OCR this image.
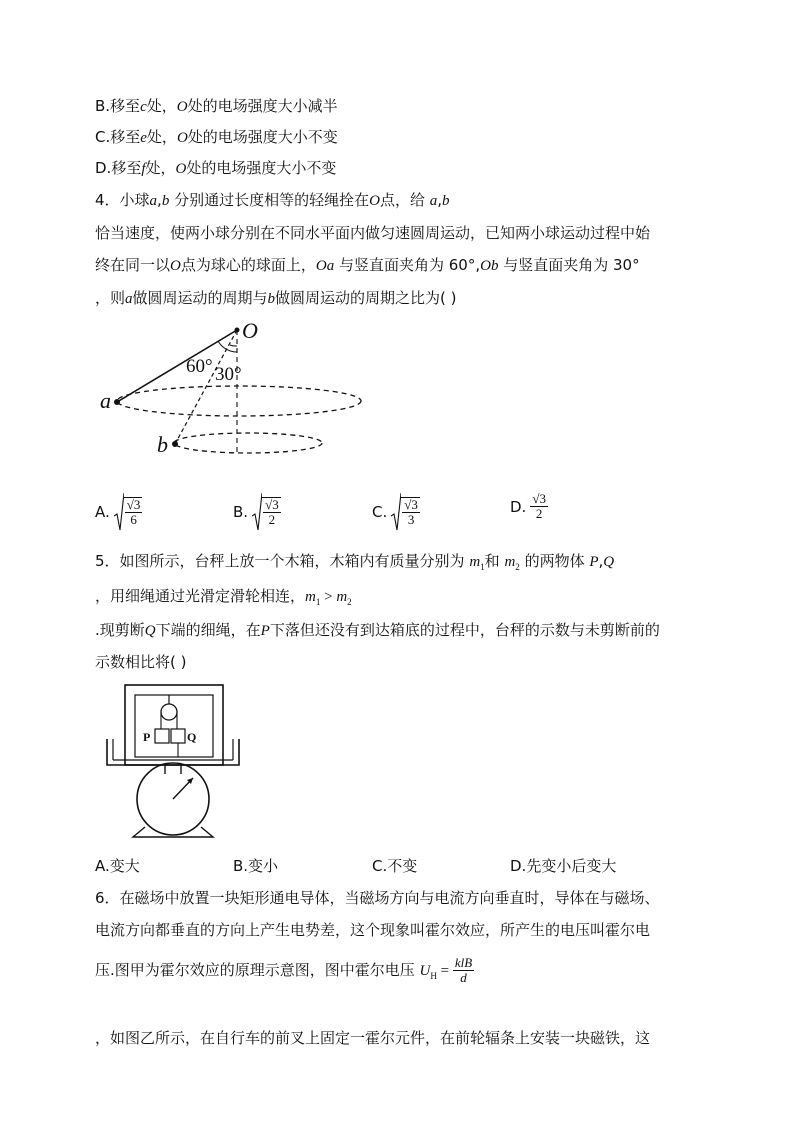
B.移至c处，O处的电场强度大小减半
C.移至e处，O处的电场强度大小不变
D.移至f处，O处的电场强度大小不变
4．小球a,b 分别通过长度相等的轻绳拴在O点，给 a,b
恰当速度，使两小球分别在不同水平面内做匀速圆周运动，已知两小球运动过程中始
终在同一以O点为球心的球面上，Oa 与竖直面夹角为 60°,Ob 与竖直面夹角为 30°
，则a做圆周运动的周期与b做圆周运动的周期之比为( )
O
a
b
60° 30°
A. $\frac{√3}{6}$	B. $\frac{√3}{2}$	C. $\frac{√3}{3}$	D. $\frac{√3}{2}$
5．如图所示，台秤上放一个木箱，木箱内有质量分别为 $m_1$和 $m_2$ 的两物体 P,Q
，用细绳通过光滑定滑轮相连，$m_1 > m_2$
.现剪断Q下端的细绳，在P下落但还没有到达箱底的过程中，台秤的示数与未剪断前的
示数相比将( )
P	Q
A.变大	B.变小	C.不变	D.先变小后变大
6．在磁场中放置一块矩形通电导体，当磁场方向与电流方向垂直时，导体在与磁场、
电流方向都垂直的方向上产生电势差，这个现象叫霍尔效应，所产生的电压叫霍尔电
压.图甲为霍尔效应的原理示意图，图中霍尔电压 $U_H = \frac{\text{klB}}{d}$
，如图乙所示，在自行车的前叉上固定一霍尔元件，在前轮辐条上安装一块磁铁，这
